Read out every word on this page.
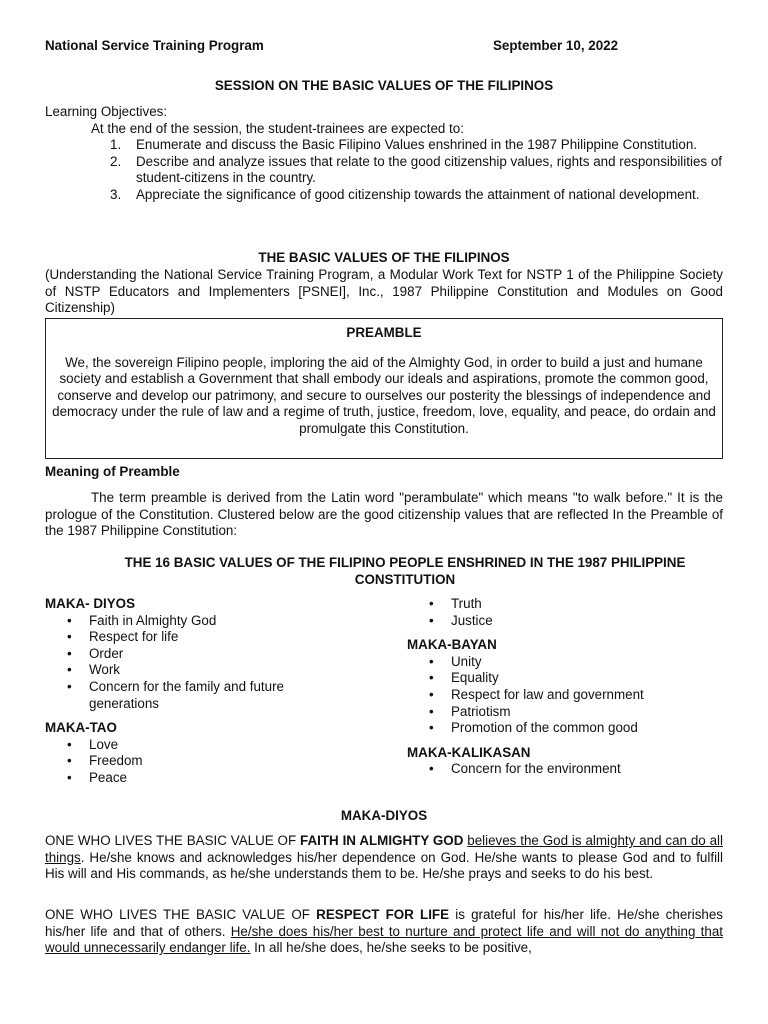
National Service Training Program	September 10, 2022
SESSION ON THE BASIC VALUES OF THE FILIPINOS
Learning Objectives:
At the end of the session, the student-trainees are expected to:
1. Enumerate and discuss the Basic Filipino Values enshrined in the 1987 Philippine Constitution.
2. Describe and analyze issues that relate to the good citizenship values, rights and responsibilities of student-citizens in the country.
3. Appreciate the significance of good citizenship towards the attainment of national development.
THE BASIC VALUES OF THE FILIPINOS
(Understanding the National Service Training Program, a Modular Work Text for NSTP 1 of the Philippine Society of NSTP Educators and Implementers [PSNEI], Inc., 1987 Philippine Constitution and Modules on Good Citizenship)
PREAMBLE
We, the sovereign Filipino people, imploring the aid of the Almighty God, in order to build a just and humane society and establish a Government that shall embody our ideals and aspirations, promote the common good, conserve and develop our patrimony, and secure to ourselves our posterity the blessings of independence and democracy under the rule of law and a regime of truth, justice, freedom, love, equality, and peace, do ordain and promulgate this Constitution.
Meaning of Preamble
The term preamble is derived from the Latin word "perambulate" which means "to walk before." It is the prologue of the Constitution. Clustered below are the good citizenship values that are reflected In the Preamble of the 1987 Philippine Constitution:
THE 16 BASIC VALUES OF THE FILIPINO PEOPLE ENSHRINED IN THE 1987 PHILIPPINE
CONSTITUTION
MAKA- DIYOS
• Faith in Almighty God
• Respect for life
• Order
• Work
• Concern for the family and future generations
MAKA-TAO
• Love
• Freedom
• Peace
• Truth
• Justice
MAKA-BAYAN
• Unity
• Equality
• Respect for law and government
• Patriotism
• Promotion of the common good
MAKA-KALIKASAN
• Concern for the environment
MAKA-DIYOS

ONE WHO LIVES THE BASIC VALUE OF FAITH IN ALMIGHTY GOD believes the God is almighty and can do all things. He/she knows and acknowledges his/her dependence on God. He/she wants to please God and to fulfill His will and His commands, as he/she understands them to be. He/she prays and seeks to do his best.

ONE WHO LIVES THE BASIC VALUE OF RESPECT FOR LIFE is grateful for his/her life. He/she cherishes his/her life and that of others. He/she does his/her best to nurture and protect life and will not do anything that would unnecessarily endanger life. In all he/she does, he/she seeks to be positive,
